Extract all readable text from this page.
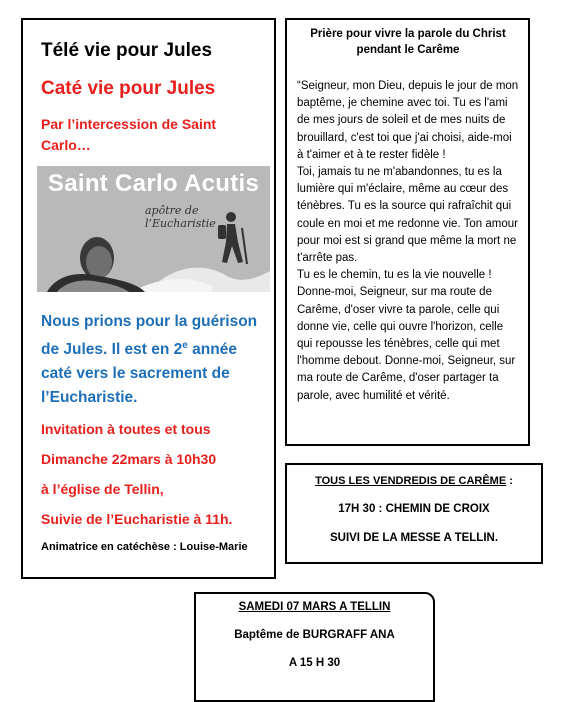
Télé vie pour Jules

Caté vie pour Jules

Par l’intercession de Saint Carlo…

Saint Carlo Acutis
apôtre de l’Eucharistie

Nous prions pour la guérison de Jules. Il est en 2e année caté vers le sacrement de l’Eucharistie.

Invitation à toutes et tous

Dimanche 22mars à 10h30

à l’église de Tellin,

Suivie de l’Eucharistie à 11h.

Animatrice en catéchèse : Louise-Marie

Prière pour vivre la parole du Christ pendant le Carême

“Seigneur, mon Dieu, depuis le jour de mon baptême, je chemine avec toi. Tu es l'ami de mes jours de soleil et de mes nuits de brouillard, c'est toi que j'ai choisi, aide-moi à t'aimer et à te rester fidèle !
Toi, jamais tu ne m'abandonnes, tu es la lumière qui m'éclaire, même au cœur des ténèbres. Tu es la source qui rafraîchit qui coule en moi et me redonne vie. Ton amour pour moi est si grand que même la mort ne t'arrête pas.
Tu es le chemin, tu es la vie nouvelle ! Donne-moi, Seigneur, sur ma route de Carême, d'oser vivre ta parole, celle qui donne vie, celle qui ouvre l'horizon, celle qui repousse les ténèbres, celle qui met l'homme debout. Donne-moi, Seigneur, sur ma route de Carême, d'oser partager ta parole, avec humilité et vérité.

TOUS LES VENDREDIS DE CARÊME :

17H 30 : CHEMIN DE CROIX

SUIVI DE LA MESSE A TELLIN.

SAMEDI 07 MARS A TELLIN

Baptême de BURGRAFF ANA

A 15 H 30
